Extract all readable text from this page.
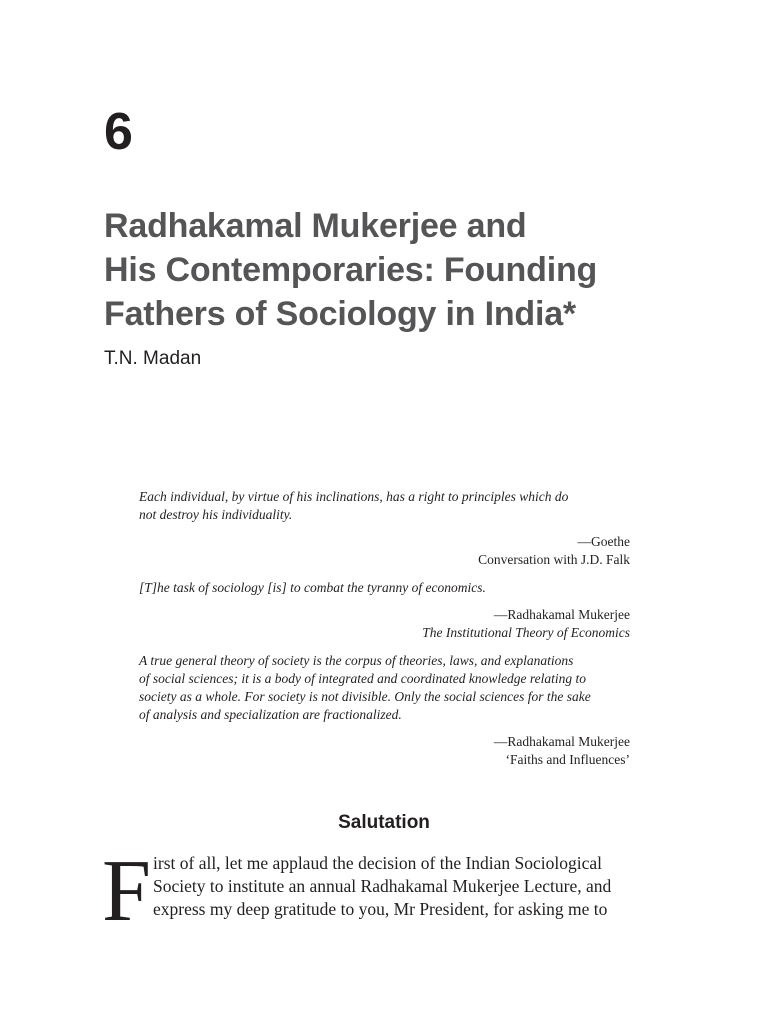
6
Radhakamal Mukerjee and
His Contemporaries: Founding
Fathers of Sociology in India*
T.N. Madan

Each individual, by virtue of his inclinations, has a right to principles which do
not destroy his individuality.

—Goethe
Conversation with J.D. Falk

[T]he task of sociology [is] to combat the tyranny of economics.

—Radhakamal Mukerjee
The Institutional Theory of Economics

A true general theory of society is the corpus of theories, laws, and explanations
of social sciences; it is a body of integrated and coordinated knowledge relating to
society as a whole. For society is not divisible. Only the social sciences for the sake
of analysis and specialization are fractionalized.

—Radhakamal Mukerjee
‘Faiths and Influences’
Salutation
F irst of all, let me applaud the decision of the Indian Sociological
Society to institute an annual Radhakamal Mukerjee Lecture, and
express my deep gratitude to you, Mr President, for asking me to
